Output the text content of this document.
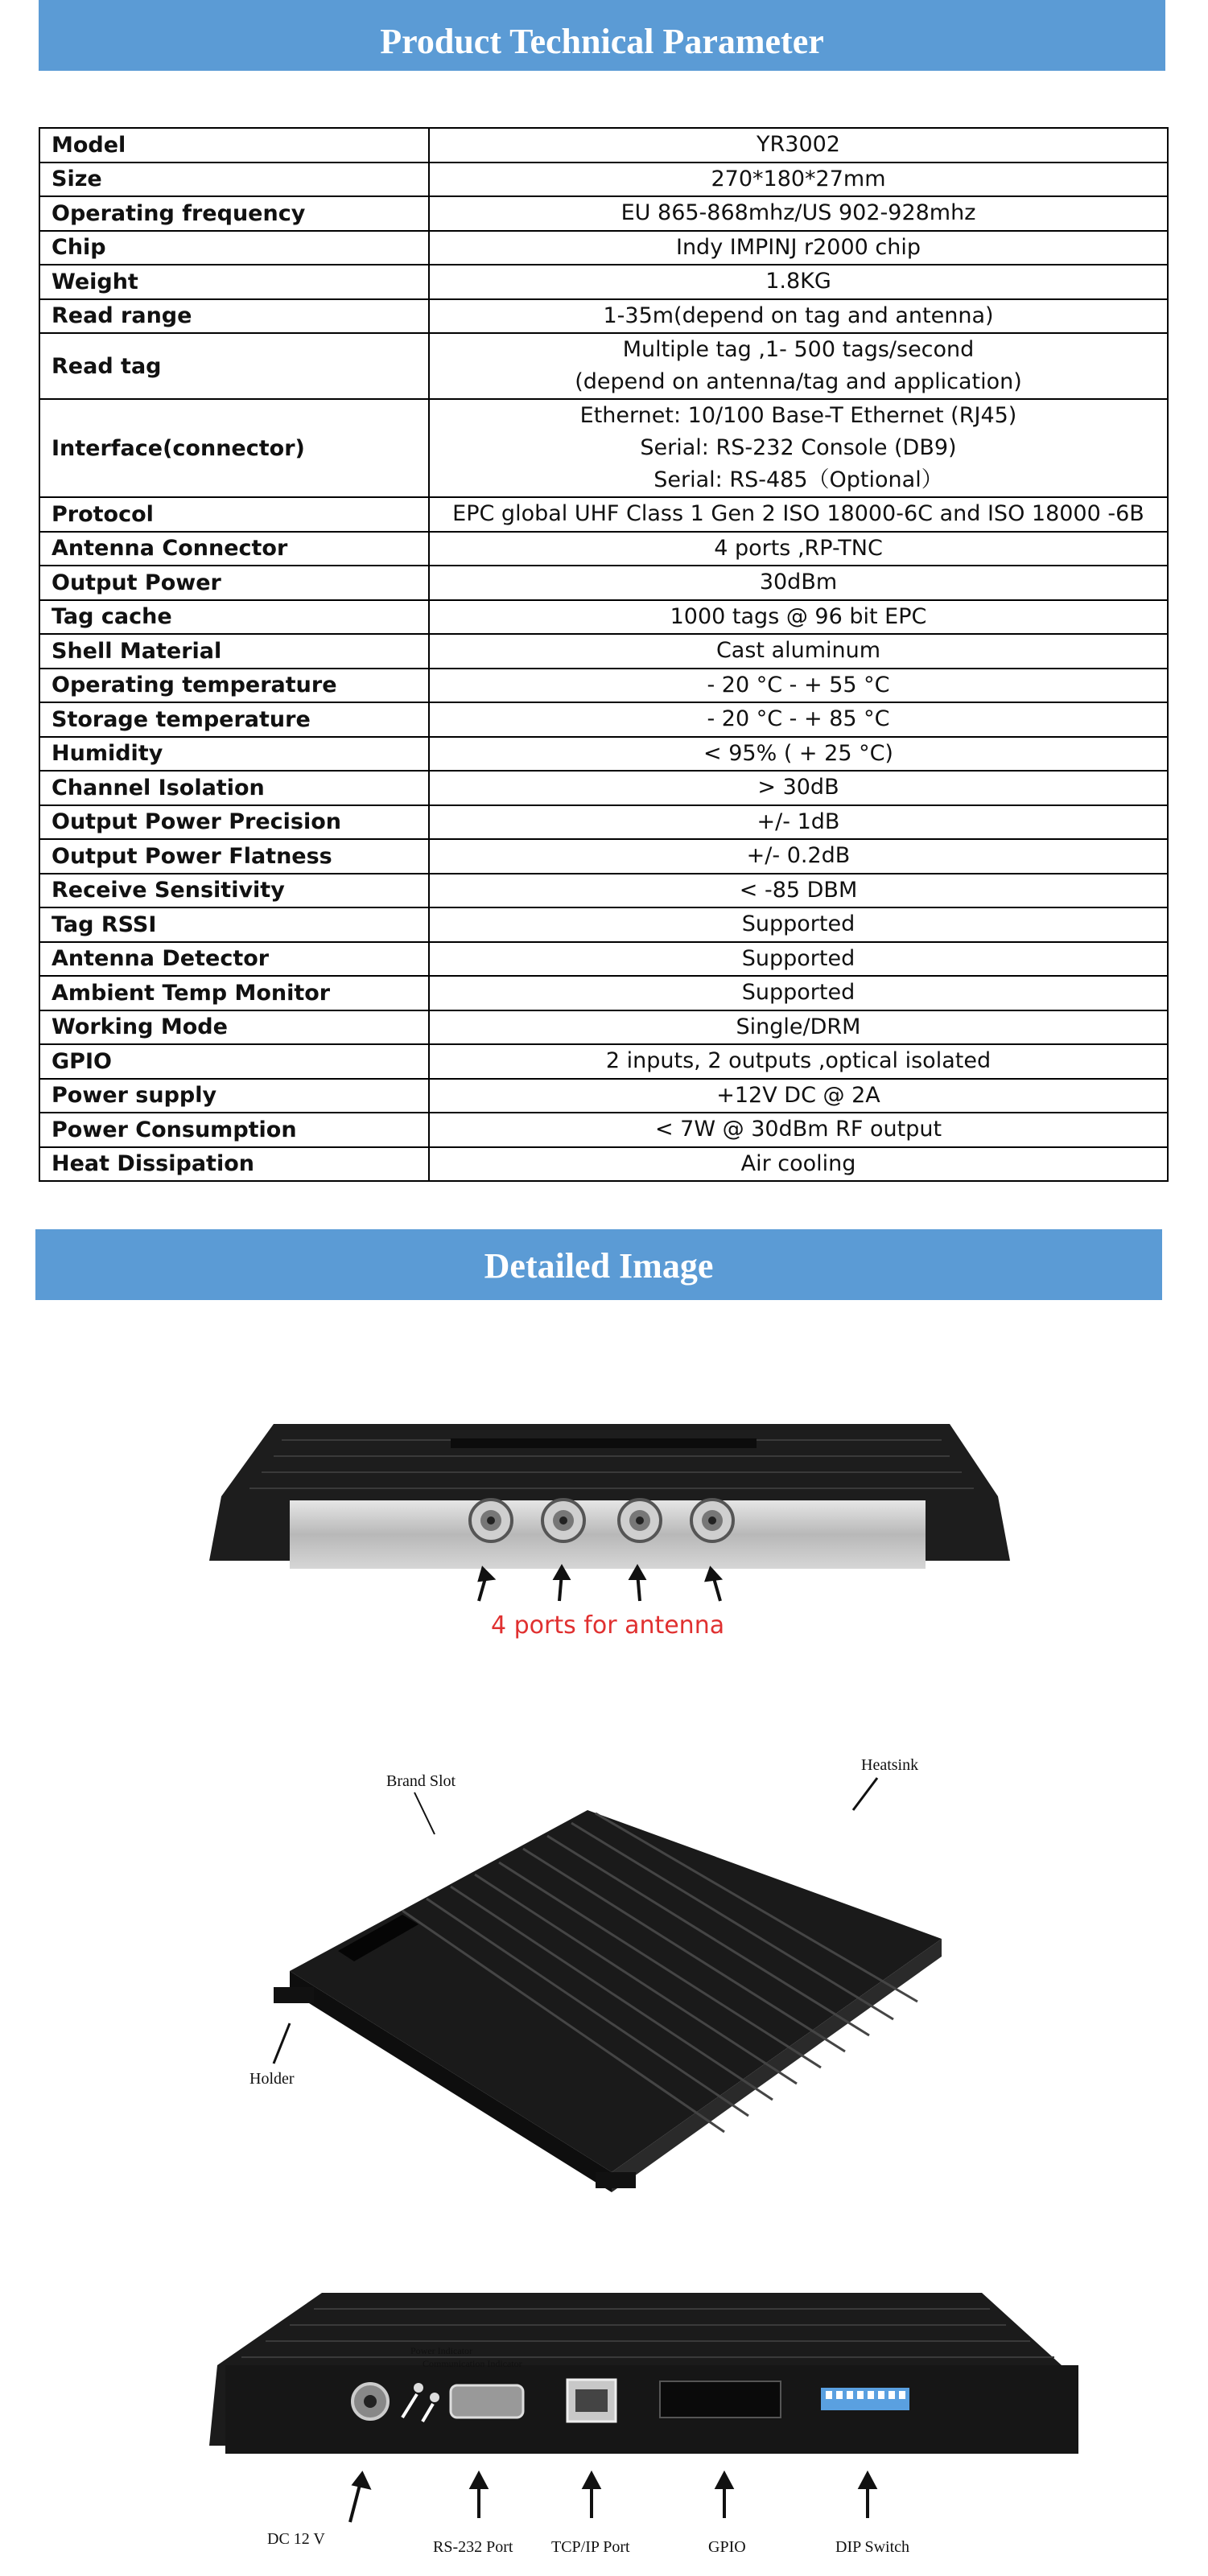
Product Technical Parameter
Model	YR3002

Size	270*180*27mm

Operating frequency	EU 865-868mhz/US 902-928mhz

Chip	Indy IMPINJ r2000 chip

Weight	1.8KG

Read range	1-35m(depend on tag and antenna)

Read tag	Multiple tag ,1- 500 tags/second
(depend on antenna/tag and application)

Interface(connector)	Ethernet: 10/100 Base-T Ethernet (RJ45)
Serial: RS-232 Console (DB9)
Serial: RS-485（Optional）

Protocol	EPC global UHF Class 1 Gen 2 ISO 18000-6C and ISO 18000 -6B

Antenna Connector	4 ports ,RP-TNC

Output Power	30dBm

Tag cache	1000 tags @ 96 bit EPC

Shell Material	Cast aluminum

Operating temperature	- 20 °C - + 55 °C

Storage temperature	- 20 °C - + 85 °C

Humidity	< 95% ( + 25 °C)

Channel Isolation	> 30dB

Output Power Precision	+/- 1dB

Output Power Flatness	+/- 0.2dB

Receive Sensitivity	< -85 DBM

Tag RSSI	Supported

Antenna Detector	Supported

Ambient Temp Monitor	Supported

Working Mode	Single/DRM

GPIO	2 inputs, 2 outputs ,optical isolated

Power supply	+12V DC @ 2A

Power Consumption	< 7W @ 30dBm RF output

Heat Dissipation	Air cooling
Detailed Image
4 ports for antenna
Brand Slot
Heatsink
Holder
Power Indicator
Communication Indicator
DC 12 V	RS-232 Port TCP/IP Port	GPIO	DIP Switch
